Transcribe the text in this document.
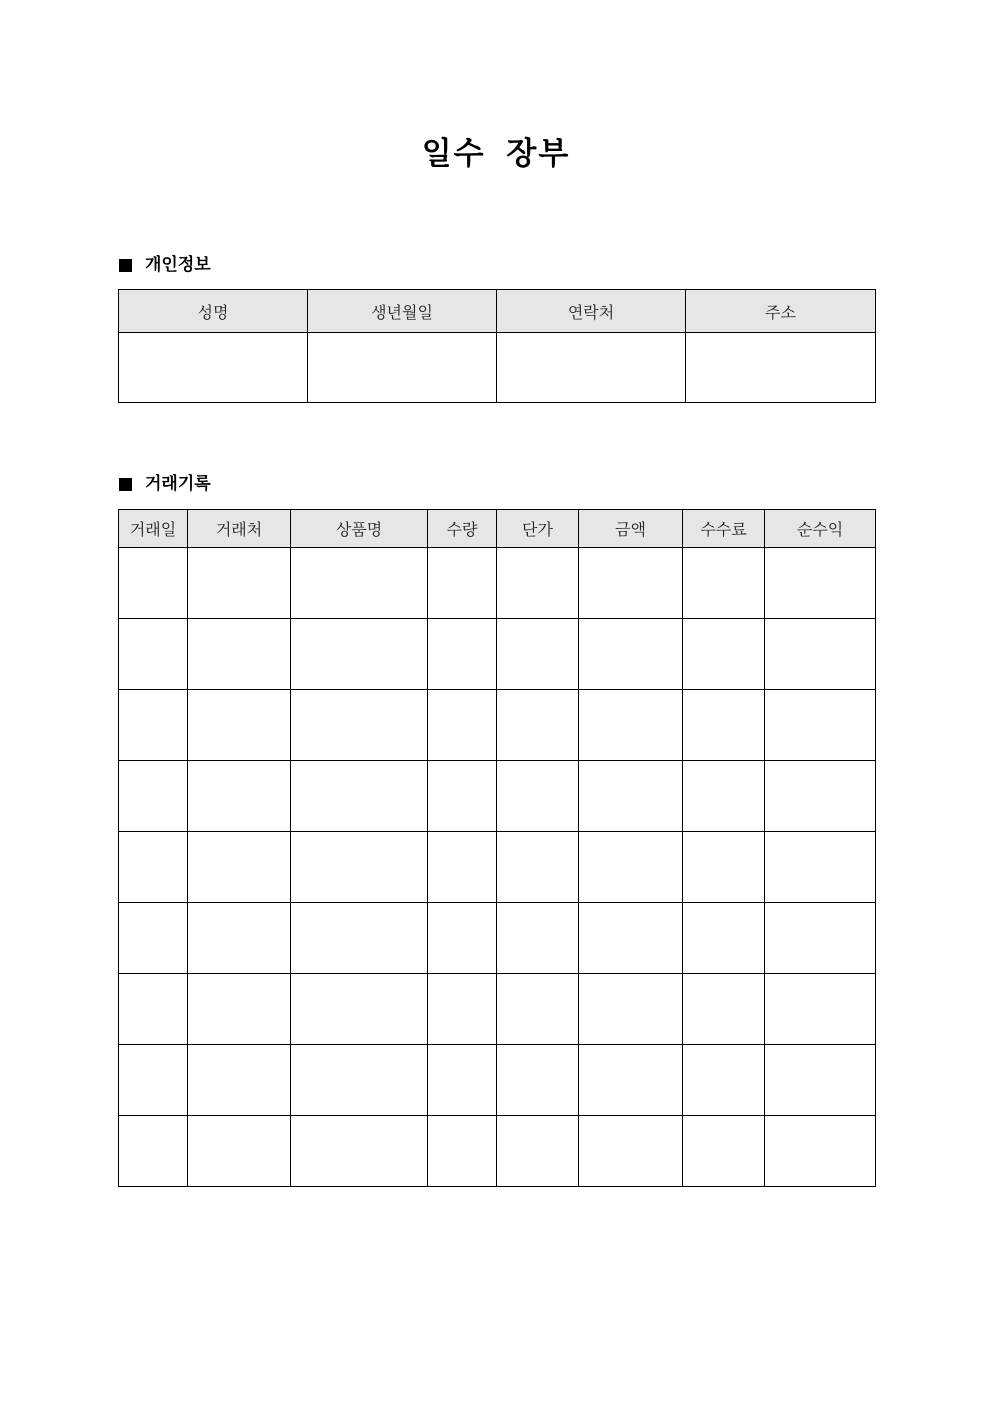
일수 장부
개인정보
성명	생년월일	연락처	주소

거래기록
거래일	거래처	상품명	수량	단가	금액	수수료	순수익
